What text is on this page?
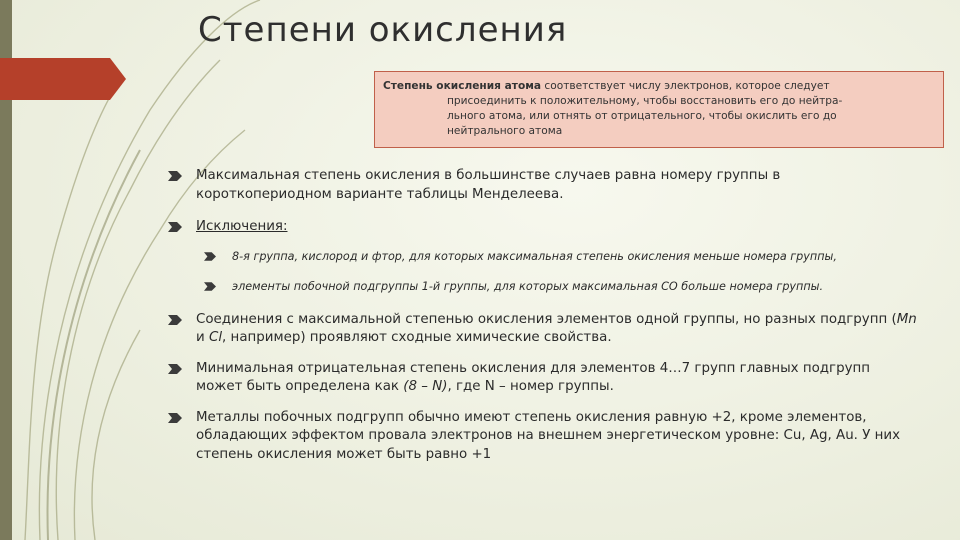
Степени окисления
Степень окисления атома соответствует числу электронов, которое следует
присоединить к положительному, чтобы восстановить его до нейтра-
льного атома, или отнять от отрицательного, чтобы окислить его до
нейтрального атома
Максимальная степень окисления в большинстве случаев равна номеру группы в короткопериодном варианте таблицы Менделеева.
Исключения:
8-я группа, кислород и фтор, для которых максимальная степень окисления меньше номера группы,
элементы побочной подгруппы 1-й группы, для которых максимальная СО больше номера группы.
Соединения с максимальной степенью окисления элементов одной группы, но разных подгрупп (Mn и Cl, например) проявляют сходные химические свойства.
Минимальная отрицательная степень окисления для элементов 4…7 групп главных подгрупп может быть определена как (8 – N), где N – номер группы.
Металлы побочных подгрупп обычно имеют степень окисления равную +2, кроме элементов, обладающих эффектом провала электронов на внешнем энергетическом уровне: Cu, Ag, Au. У них степень окисления может быть равно +1
